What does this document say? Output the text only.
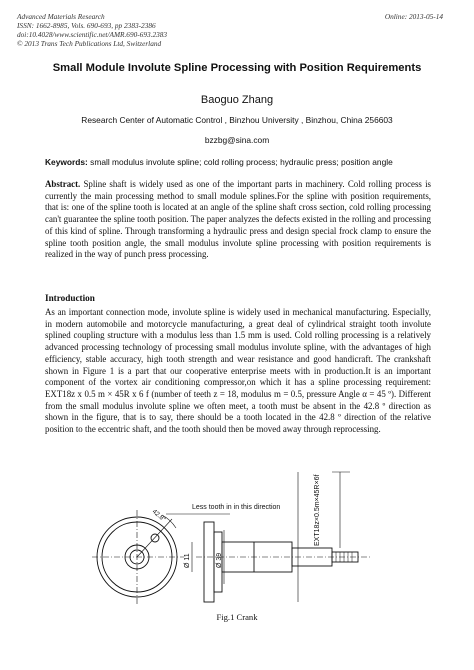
Advanced Materials Research
ISSN: 1662-8985, Vols. 690-693, pp 2383-2386
doi:10.4028/www.scientific.net/AMR.690-693.2383
© 2013 Trans Tech Publications Ltd, Switzerland
Online: 2013-05-14
Small Module Involute Spline Processing with Position Requirements
Baoguo Zhang
Research Center of Automatic Control , Binzhou University , Binzhou, China 256603
bzzbg@sina.com
Keywords: small modulus involute spline; cold rolling process; hydraulic press; position angle
Abstract. Spline shaft is widely used as one of the important parts in machinery. Cold rolling process is currently the main processing method to small module splines.For the spline with position requirements, that is: one of the spline tooth is located at an angle of the spline shaft cross section, cold rolling processing can't guarantee the spline tooth position. The paper analyzes the defects existed in the rolling and processing of this kind of spline. Through transforming a hydraulic press and design special frock clamp to ensure the spline tooth position angle, the small modulus involute spline processing with position requirements is realized in the way of punch press processing.
Introduction
As an important connection mode, involute spline is widely used in mechanical manufacturing. Especially, in modern automobile and motorcycle manufacturing, a great deal of cylindrical straight tooth involute splined coupling structure with a modulus less than 1.5 mm is used. Cold rolling processing is a relatively advanced processing technology of processing small modulus involute spline, with the advantages of high efficiency, stable accuracy, high tooth strength and wear resistance and good handicraft. The crankshaft shown in Figure 1 is a part that our cooperative enterprise meets with in production.It is an important component of the vortex air conditioning compressor,on which it has a spline processing requirement: EXT18z x 0.5 m × 45R x 6 f (number of teeth z = 18, modulus m = 0.5, pressure Angle α = 45 º). Different from the small modulus involute spline we often meet, a tooth must be absent in the 42.8 º direction as shown in the figure, that is to say, there should be a tooth located in the 42.8 º direction of the relative position to the eccentric shaft, and the tooth should then be moved away through reprocessing.
Less tooth in in this direction
42.8°
Ø 11	Ø 39
EXT18z×0.5m×45R×6f
Fig.1 Crank
